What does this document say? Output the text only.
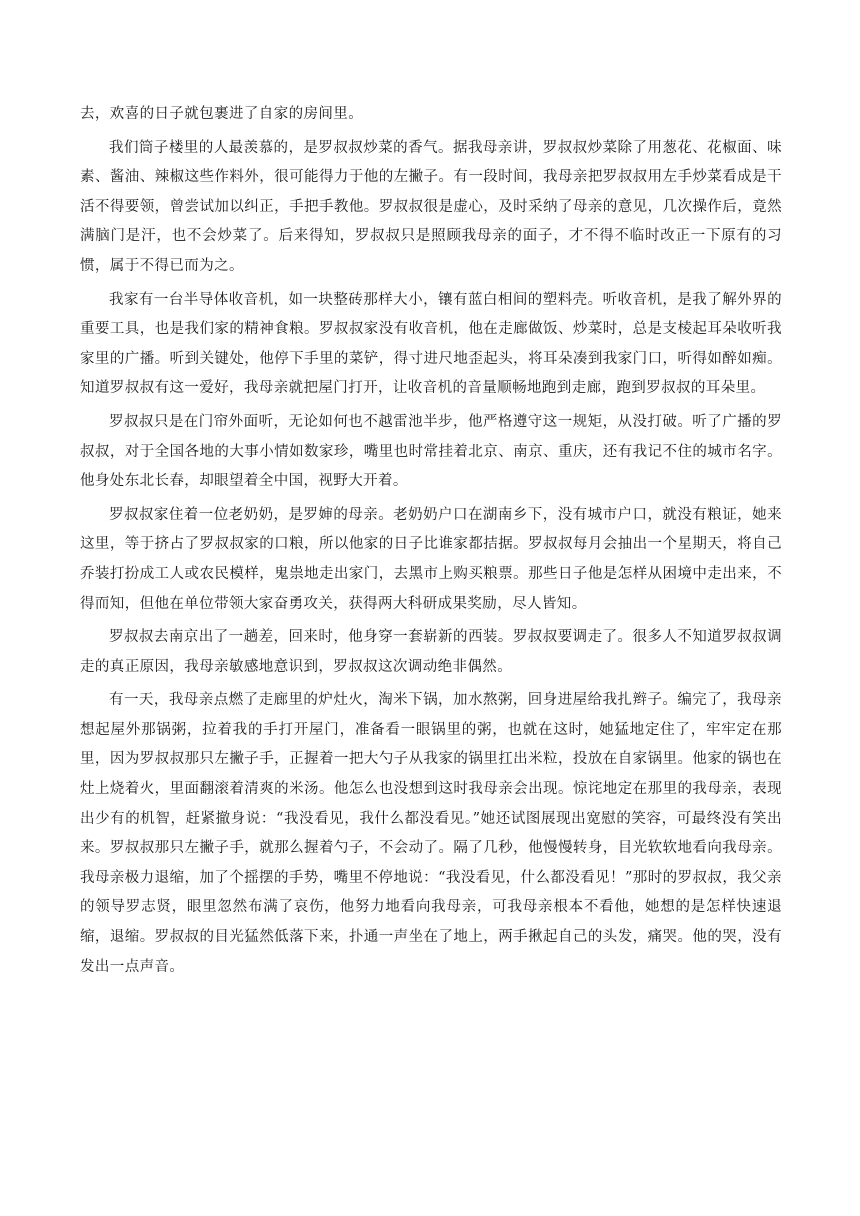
去，欢喜的日子就包裹进了自家的房间里。

我们筒子楼里的人最羡慕的，是罗叔叔炒菜的香气。据我母亲讲，罗叔叔炒菜除了用葱花、花椒面、味素、酱油、辣椒这些作料外，很可能得力于他的左撇子。有一段时间，我母亲把罗叔叔用左手炒菜看成是干活不得要领，曾尝试加以纠正，手把手教他。罗叔叔很是虚心，及时采纳了母亲的意见，几次操作后，竟然满脑门是汗，也不会炒菜了。后来得知，罗叔叔只是照顾我母亲的面子，才不得不临时改正一下原有的习惯，属于不得已而为之。

我家有一台半导体收音机，如一块整砖那样大小，镶有蓝白相间的塑料壳。听收音机，是我了解外界的重要工具，也是我们家的精神食粮。罗叔叔家没有收音机，他在走廊做饭、炒菜时，总是支棱起耳朵收听我家里的广播。听到关键处，他停下手里的菜铲，得寸进尺地歪起头，将耳朵凑到我家门口，听得如醉如痴。知道罗叔叔有这一爱好，我母亲就把屋门打开，让收音机的音量顺畅地跑到走廊，跑到罗叔叔的耳朵里。

罗叔叔只是在门帘外面听，无论如何也不越雷池半步，他严格遵守这一规矩，从没打破。听了广播的罗叔叔，对于全国各地的大事小情如数家珍，嘴里也时常挂着北京、南京、重庆，还有我记不住的城市名字。他身处东北长春，却眼望着全中国，视野大开着。

罗叔叔家住着一位老奶奶，是罗婶的母亲。老奶奶户口在湖南乡下，没有城市户口，就没有粮证，她来这里，等于挤占了罗叔叔家的口粮，所以他家的日子比谁家都拮据。罗叔叔每月会抽出一个星期天，将自己乔装打扮成工人或农民模样，鬼祟地走出家门，去黑市上购买粮票。那些日子他是怎样从困境中走出来，不得而知，但他在单位带领大家奋勇攻关，获得两大科研成果奖励，尽人皆知。

罗叔叔去南京出了一趟差，回来时，他身穿一套崭新的西装。罗叔叔要调走了。很多人不知道罗叔叔调走的真正原因，我母亲敏感地意识到，罗叔叔这次调动绝非偶然。

有一天，我母亲点燃了走廊里的炉灶火，淘米下锅，加水熬粥，回身进屋给我扎辫子。编完了，我母亲想起屋外那锅粥，拉着我的手打开屋门，准备看一眼锅里的粥，也就在这时，她猛地定住了，牢牢定在那里，因为罗叔叔那只左撇子手，正握着一把大勺子从我家的锅里扛出米粒，投放在自家锅里。他家的锅也在灶上烧着火，里面翻滚着清爽的米汤。他怎么也没想到这时我母亲会出现。惊诧地定在那里的我母亲，表现出少有的机智，赶紧撤身说：“我没看见，我什么都没看见。”她还试图展现出宽慰的笑容，可最终没有笑出来。罗叔叔那只左撇子手，就那么握着勺子，不会动了。隔了几秒，他慢慢转身，目光软软地看向我母亲。我母亲极力退缩，加了个摇摆的手势，嘴里不停地说：“我没看见，什么都没看见！”那时的罗叔叔，我父亲的领导罗志贤，眼里忽然布满了哀伤，他努力地看向我母亲，可我母亲根本不看他，她想的是怎样快速退缩，退缩。罗叔叔的目光猛然低落下来，扑通一声坐在了地上，两手揪起自己的头发，痛哭。他的哭，没有发出一点声音。
